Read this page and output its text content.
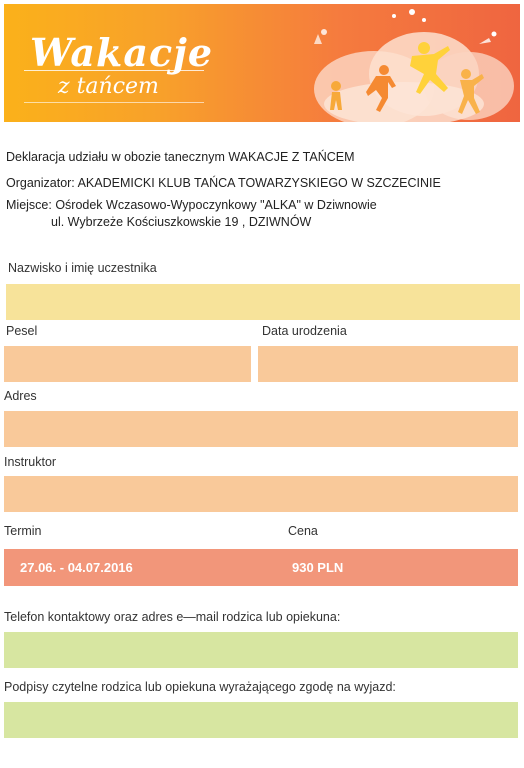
Wakacje
z tańcem
Deklaracja udziału w obozie tanecznym WAKACJE Z TAŃCEM
Organizator: AKADEMICKI KLUB TAŃCA TOWARZYSKIEGO W SZCZECINIE
Miejsce: Ośrodek Wczasowo-Wypoczynkowy "ALKA" w Dziwnowie
ul. Wybrzeże Kościuszkowskie 19 , DZIWNÓW
Nazwisko i imię uczestnika
Pesel	Data urodzenia
Adres
Instruktor
Termin	Cena
27.06. - 04.07.2016	930 PLN
Telefon kontaktowy oraz adres e—mail rodzica lub opiekuna:
Podpisy czytelne rodzica lub opiekuna wyrażającego zgodę na wyjazd:
